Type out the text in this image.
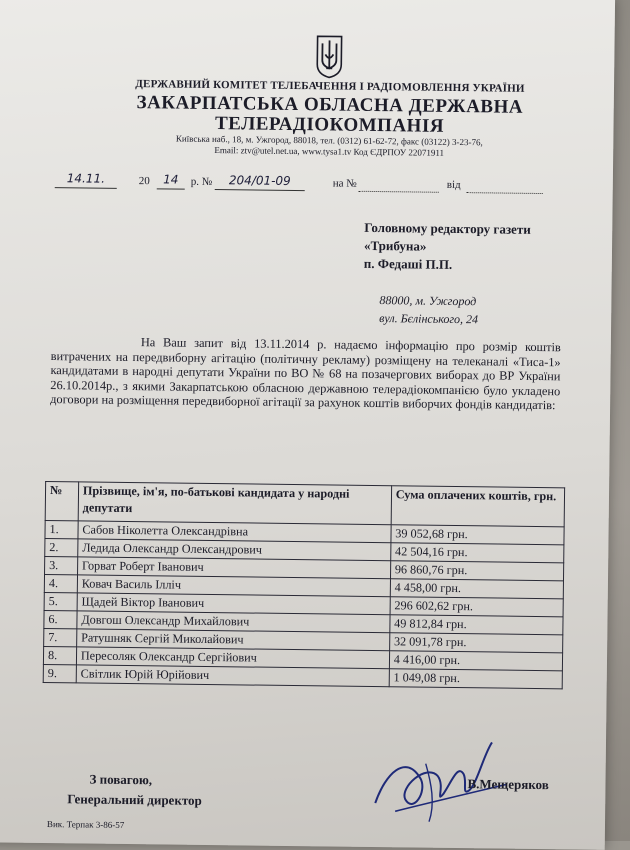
ДЕРЖАВНИЙ КОМІТЕТ ТЕЛЕБАЧЕННЯ І РАДІОМОВЛЕННЯ УКРАЇНИ
ЗАКАРПАТСЬКА ОБЛАСНА ДЕРЖАВНА
ТЕЛЕРАДІОКОМПАНІЯ
Київська наб., 18, м. Ужгород, 88018, тел. (0312) 61-62-72, факс (03122) 3-23-76,
Email: ztv@utel.net.ua, www.tysa1.tv Код ЄДРПОУ 22071911
14.11.	20	14	р. №	204/01-09	на №	від
Головному редактору газети
«Трибуна»
п. Федаші П.П.
88000, м. Ужгород
вул. Бєлінського, 24
На Ваш запит від 13.11.2014 р. надаємо інформацію про розмір коштів витрачених на передвиборну агітацію (політичну рекламу) розміщену на телеканалі «Тиса-1» кандидатами в народні депутати України по ВО № 68 на позачергових виборах до ВР України 26.10.2014р., з якими Закарпатською обласною державною телерадіокомпанією було укладено договори на розміщення передвиборної агітації за рахунок коштів виборчих фондів кандидатів:
№	Прізвище, ім'я, по-батькові кандидата у народні депутати	Сума оплачених коштів, грн.
1.	Сабов Ніколетта Олександрівна	39 052,68 грн.
2.	Ледида Олександр Олександрович	42 504,16 грн.
3.	Горват Роберт Іванович	96 860,76 грн.
4.	Ковач Василь Ілліч	4 458,00 грн.
5.	Щадей Віктор Іванович	296 602,62 грн.
6.	Довгош Олександр Михайлович	49 812,84 грн.
7.	Ратушняк Сергій Миколайович	32 091,78 грн.
8.	Пересоляк Олександр Сергійович	4 416,00 грн.
9.	Світлик Юрій Юрійович	1 049,08 грн.
З повагою,
Генеральний директор
В.Мещеряков
Вик. Терпак 3-86-57
